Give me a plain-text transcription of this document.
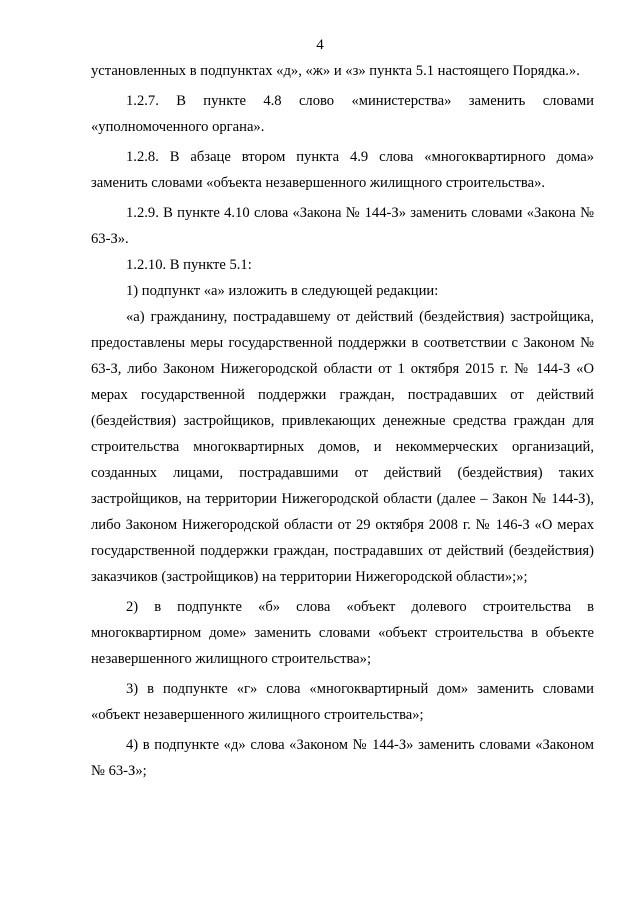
4

установленных в подпунктах «д», «ж» и «з» пункта 5.1 настоящего Порядка.».

1.2.7. В пункте 4.8 слово «министерства» заменить словами «уполномоченного органа».

1.2.8. В абзаце втором пункта 4.9 слова «многоквартирного дома» заменить словами «объекта незавершенного жилищного строительства».

1.2.9. В пункте 4.10 слова «Закона № 144-З» заменить словами «Закона № 63-З».

1.2.10. В пункте 5.1:

1) подпункт «а» изложить в следующей редакции:

«а) гражданину, пострадавшему от действий (бездействия) застройщика, предоставлены меры государственной поддержки в соответствии с Законом № 63-З, либо Законом Нижегородской области от 1 октября 2015 г. № 144-З «О мерах государственной поддержки граждан, пострадавших от действий (бездействия) застройщиков, привлекающих денежные средства граждан для строительства многоквартирных домов, и некоммерческих организаций, созданных лицами, пострадавшими от действий (бездействия) таких застройщиков, на территории Нижегородской области (далее – Закон № 144-З), либо Законом Нижегородской области от 29 октября 2008 г. № 146-З «О мерах государственной поддержки граждан, пострадавших от действий (бездействия) заказчиков (застройщиков) на территории Нижегородской области»;»;

2) в подпункте «б» слова «объект долевого строительства в многоквартирном доме» заменить словами «объект строительства в объекте незавершенного жилищного строительства»;

3) в подпункте «г» слова «многоквартирный дом» заменить словами «объект незавершенного жилищного строительства»;

4) в подпункте «д» слова «Законом № 144-З» заменить словами «Законом № 63-З»;
